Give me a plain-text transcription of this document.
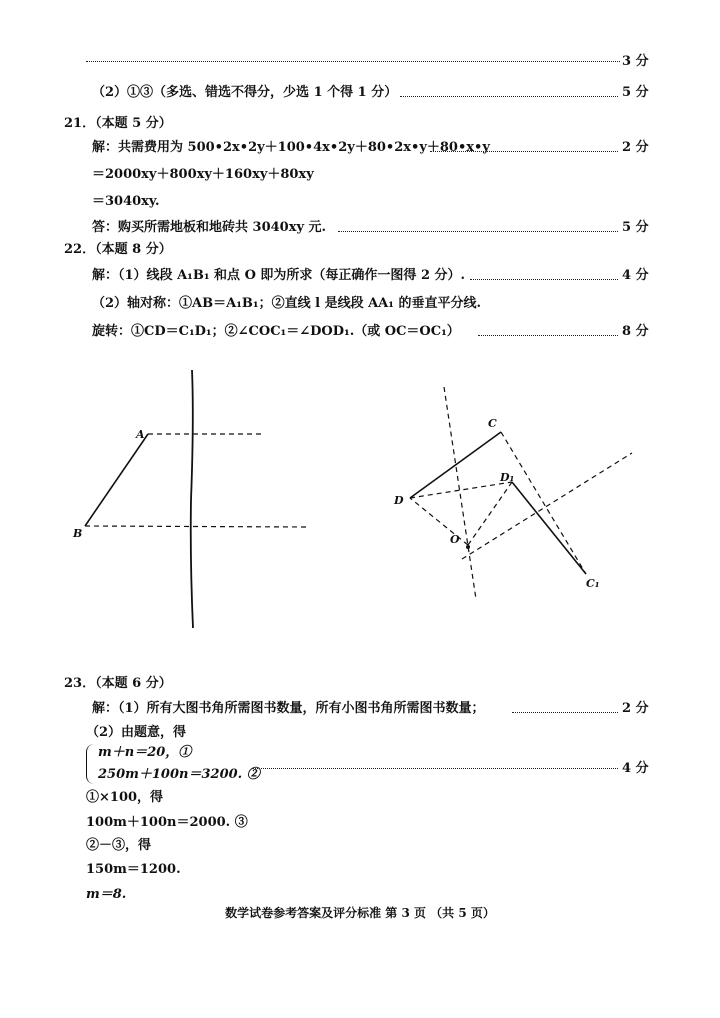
3 分
（2）①③（多选、错选不得分，少选 1 个得 1 分）	5 分
21．（本题 5 分）
解：共需费用为 500•2x•2y＋100•4x•2y＋80•2x•y＋80•x•y	2 分
＝2000xy＋800xy＋160xy＋80xy
＝3040xy.
答：购买所需地板和地砖共 3040xy 元.	5 分
22．（本题 8 分）
解：（1）线段 A₁B₁ 和点 O 即为所求（每正确作一图得 2 分）.	4 分
（2）轴对称：①AB＝A₁B₁；②直线 l 是线段 AA₁ 的垂直平分线.
旋转：①CD＝C₁D₁；②∠COC₁＝∠DOD₁.（或 OC＝OC₁）	8 分
A
B
C
D
D₁
O
C₁
23．（本题 6 分）
解：（1）所有大图书角所需图书数量，所有小图书角所需图书数量；	2 分
（2）由题意，得
m＋n＝20，①
250m＋100n＝3200. ②	4 分
①×100，得
100m＋100n＝2000. ③
②－③，得
150m＝1200.
m＝8.
数学试卷参考答案及评分标准 第 3 页 （共 5 页）
